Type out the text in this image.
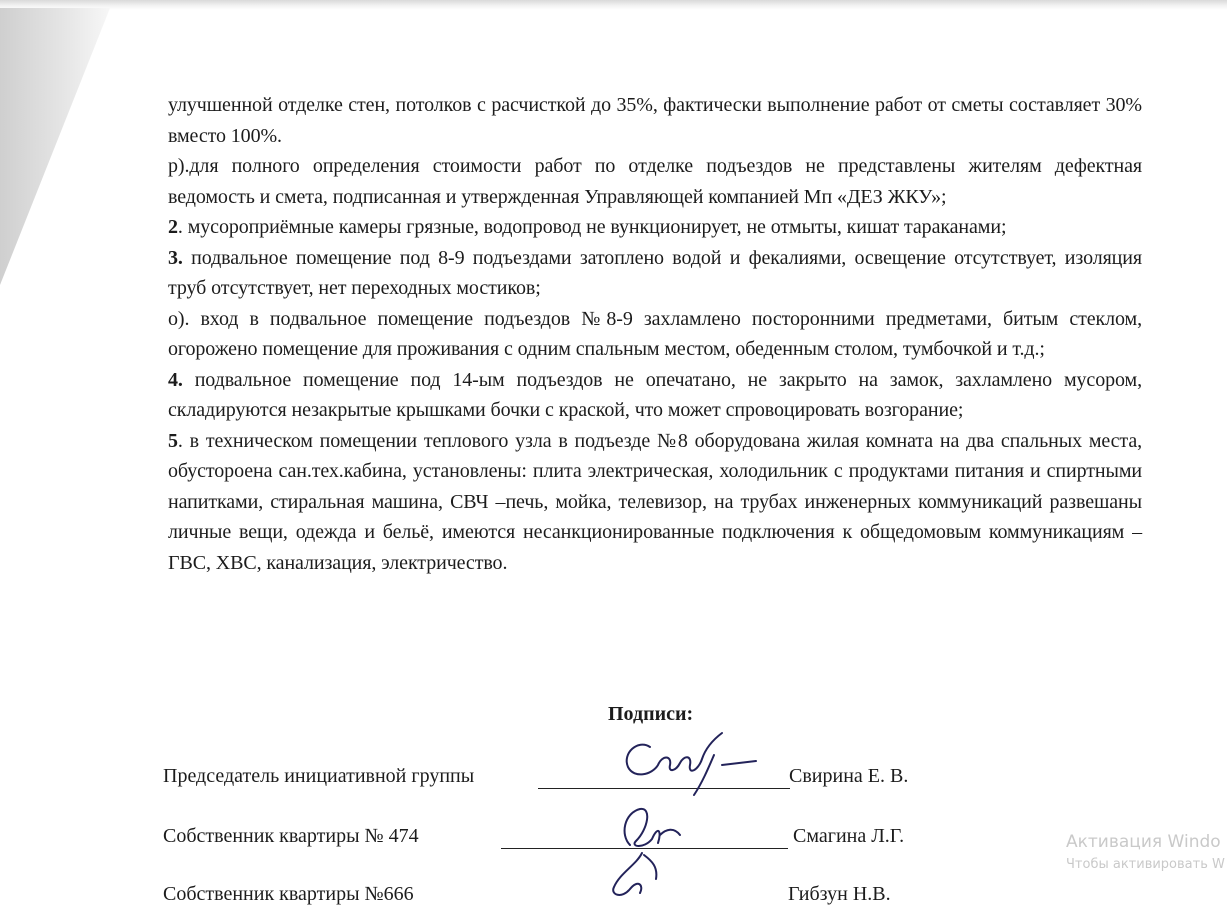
улучшенной отделке стен, потолков с расчисткой до 35%, фактически выполнение работ от сметы составляет 30% вместо 100%.

р).для полного определения стоимости работ по отделке подъездов не представлены жителям дефектная ведомость и смета, подписанная и утвержденная Управляющей компанией Мп «ДЕЗ ЖКУ»;

2. мусороприёмные камеры грязные, водопровод не вункционирует, не отмыты, кишат тараканами;

3. подвальное помещение под 8-9 подъездами затоплено водой и фекалиями, освещение отсутствует, изоляция труб отсутствует, нет переходных мостиков;

о). вход в подвальное помещение подъездов №8-9 захламлено посторонними предметами, битым стеклом, огорожено помещение для проживания с одним спальным местом, обеденным столом, тумбочкой и т.д.;

4. подвальное помещение под 14-ым подъездов не опечатано, не закрыто на замок, захламлено мусором, складируются незакрытые крышками бочки с краской, что может спровоцировать возгорание;

5. в техническом помещении теплового узла в подъезде №8 оборудована жилая комната на два спальных места, обустороена сан.тех.кабина, установлены: плита электрическая, холодильник с продуктами питания и спиртными напитками, стиральная машина, СВЧ –печь, мойка, телевизор, на трубах инженерных коммуникаций развешаны личные вещи, одежда и бельё, имеются несанкционированные подключения к общедомовым коммуникациям – ГВС, ХВС, канализация, электричество.

Подписи:
Председатель инициативной группы	Свирина Е. В.
Собственник квартиры № 474	Смагина Л.Г.
Собственник квартиры №666	Гибзун Н.В.
Активация Windo
Чтобы активировать W
